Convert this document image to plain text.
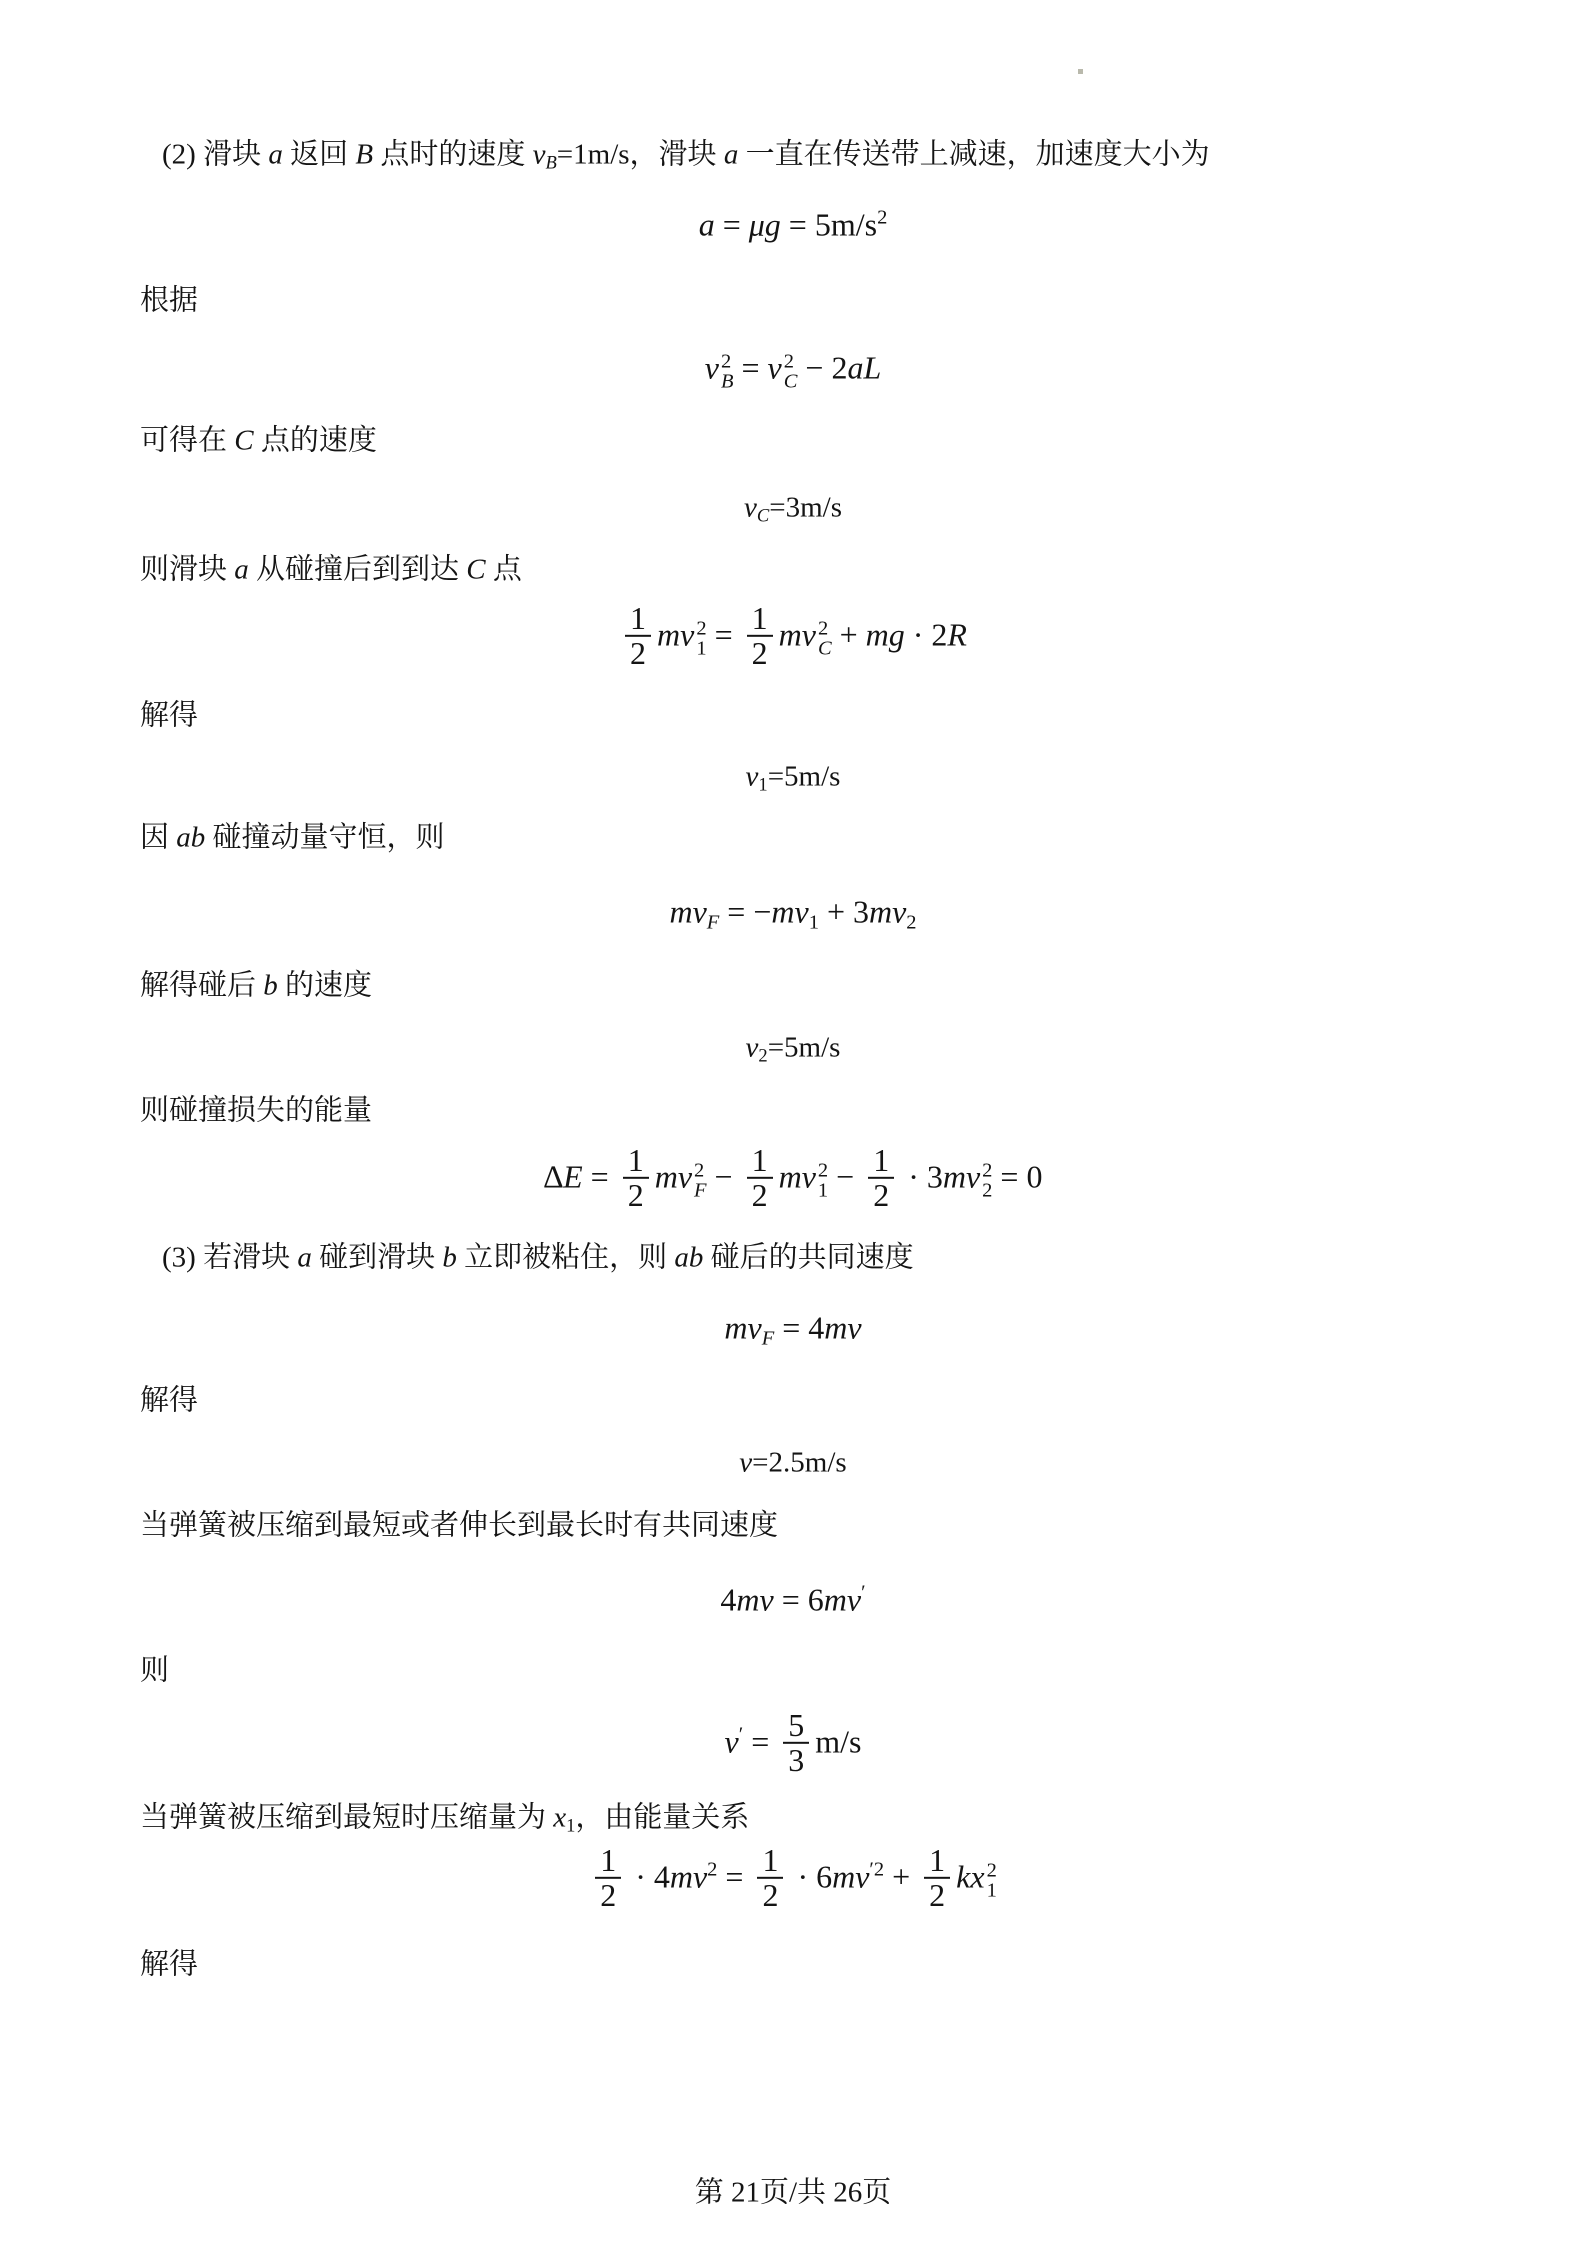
第 21页/共 26页
(2) 滑块 a 返回 B 点时的速度 vB=1m/s，滑块 a 一直在传送带上减速，加速度大小为
$a = \mu g = 5m/s^2$
根据
v 2
B = v 2
C − 2aL
可得在 C 点的速度
vC=3m/s
则滑块 a 从碰撞后到到达 C 点
$\frac{1}{2}$ mv 2
$1 = \frac{1}{2}$ mv 2
C + mg · 2R
解得
v1=5m/s
因 ab 碰撞动量守恒，则
mvF = −mv1 + 3mv2
解得碰后 b 的速度
v2=5m/s
则碰撞损失的能量
$\Delta E = \frac{1}{2}$ mv 2
$F - \frac{1}{2}$ mv 2
$1 - \frac{1}{2} \cdot 3mv$ 2
2 = 0
(3) 若滑块 a 碰到滑块 b 立即被粘住，则 ab 碰后的共同速度
mvF = 4mv
解得
v=2.5m/s
当弹簧被压缩到最短或者伸长到最长时有共同速度
4mv = 6mv′
则
$v' = \frac{5}{3} m/s$
当弹簧被压缩到最短时压缩量为 x1，由能量关系
$\frac{1}{2} \cdot 4mv^2 = \frac{1}{2} \cdot 6mv^{'2} + \frac{1}{2}$ kx 2
1
解得
